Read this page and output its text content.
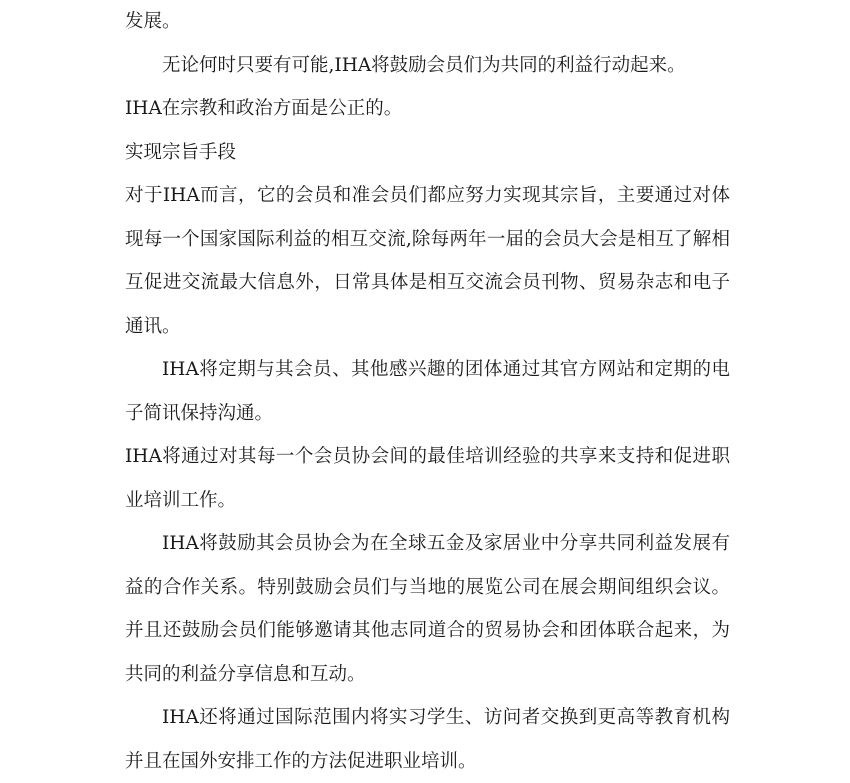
发展。

无论何时只要有可能,IHA将鼓励会员们为共同的利益行动起来。

IHA在宗教和政治方面是公正的。

实现宗旨手段

对于IHA而言，它的会员和准会员们都应努力实现其宗旨，主要通过对体现每一个国家国际利益的相互交流,除每两年一届的会员大会是相互了解相互促进交流最大信息外，日常具体是相互交流会员刊物、贸易杂志和电子通讯。

IHA将定期与其会员、其他感兴趣的团体通过其官方网站和定期的电子简讯保持沟通。

IHA将通过对其每一个会员协会间的最佳培训经验的共享来支持和促进职业培训工作。

IHA将鼓励其会员协会为在全球五金及家居业中分享共同利益发展有益的合作关系。特别鼓励会员们与当地的展览公司在展会期间组织会议。并且还鼓励会员们能够邀请其他志同道合的贸易协会和团体联合起来，为共同的利益分享信息和互动。

IHA还将通过国际范围内将实习学生、访问者交换到更高等教育机构并且在国外安排工作的方法促进职业培训。
